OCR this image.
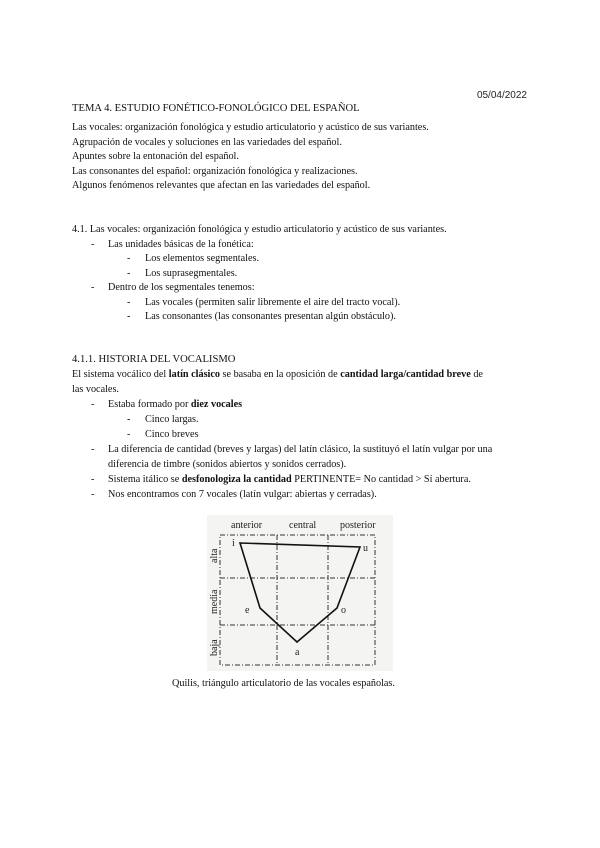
05/04/2022
TEMA 4. ESTUDIO FONÉTICO-FONOLÓGICO DEL ESPAÑOL
Las vocales: organización fonológica y estudio articulatorio y acústico de sus variantes.
Agrupación de vocales y soluciones en las variedades del español.
Apuntes sobre la entonación del español.
Las consonantes del español: organización fonológica y realizaciones.
Algunos fenómenos relevantes que afectan en las variedades del español.
4.1. Las vocales: organización fonológica y estudio articulatorio y acústico de sus variantes.
- Las unidades básicas de la fonética:
- Los elementos segmentales.
- Los suprasegmentales.
- Dentro de los segmentales tenemos:
- Las vocales (permiten salir libremente el aire del tracto vocal).
- Las consonantes (las consonantes presentan algún obstáculo).
4.1.1. HISTORIA DEL VOCALISMO
El sistema vocálico del latín clásico se basaba en la oposición de cantidad larga/cantidad breve de
las vocales.
- Estaba formado por diez vocales
- Cinco largas.
- Cinco breves
- La diferencia de cantidad (breves y largas) del latín clásico, la sustituyó el latín vulgar por una
diferencia de timbre (sonidos abiertos y sonidos cerrados).
- Sistema itálico se desfonologiza la cantidad PERTINENTE= No cantidad > Sí abertura.
- Nos encontramos con 7 vocales (latín vulgar: abiertas y cerradas).
anterior	central posterior
alta
media
baja
i	u
e	o
a
Quilis, triángulo articulatorio de las vocales españolas.
